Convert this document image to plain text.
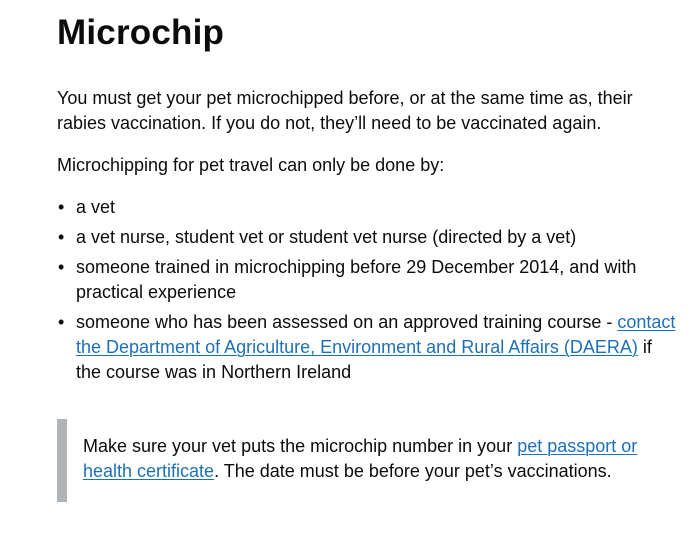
Microchip

You must get your pet microchipped before, or at the same time as, their rabies vaccination. If you do not, they’ll need to be vaccinated again.

Microchipping for pet travel can only be done by:

• a vet
• a vet nurse, student vet or student vet nurse (directed by a vet)
• someone trained in microchipping before 29 December 2014, and with practical experience
• someone who has been assessed on an approved training course - contact the Department of Agriculture, Environment and Rural Affairs (DAERA) if the course was in Northern Ireland
Make sure your vet puts the microchip number in your pet passport or health certificate. The date must be before your pet’s vaccinations.
